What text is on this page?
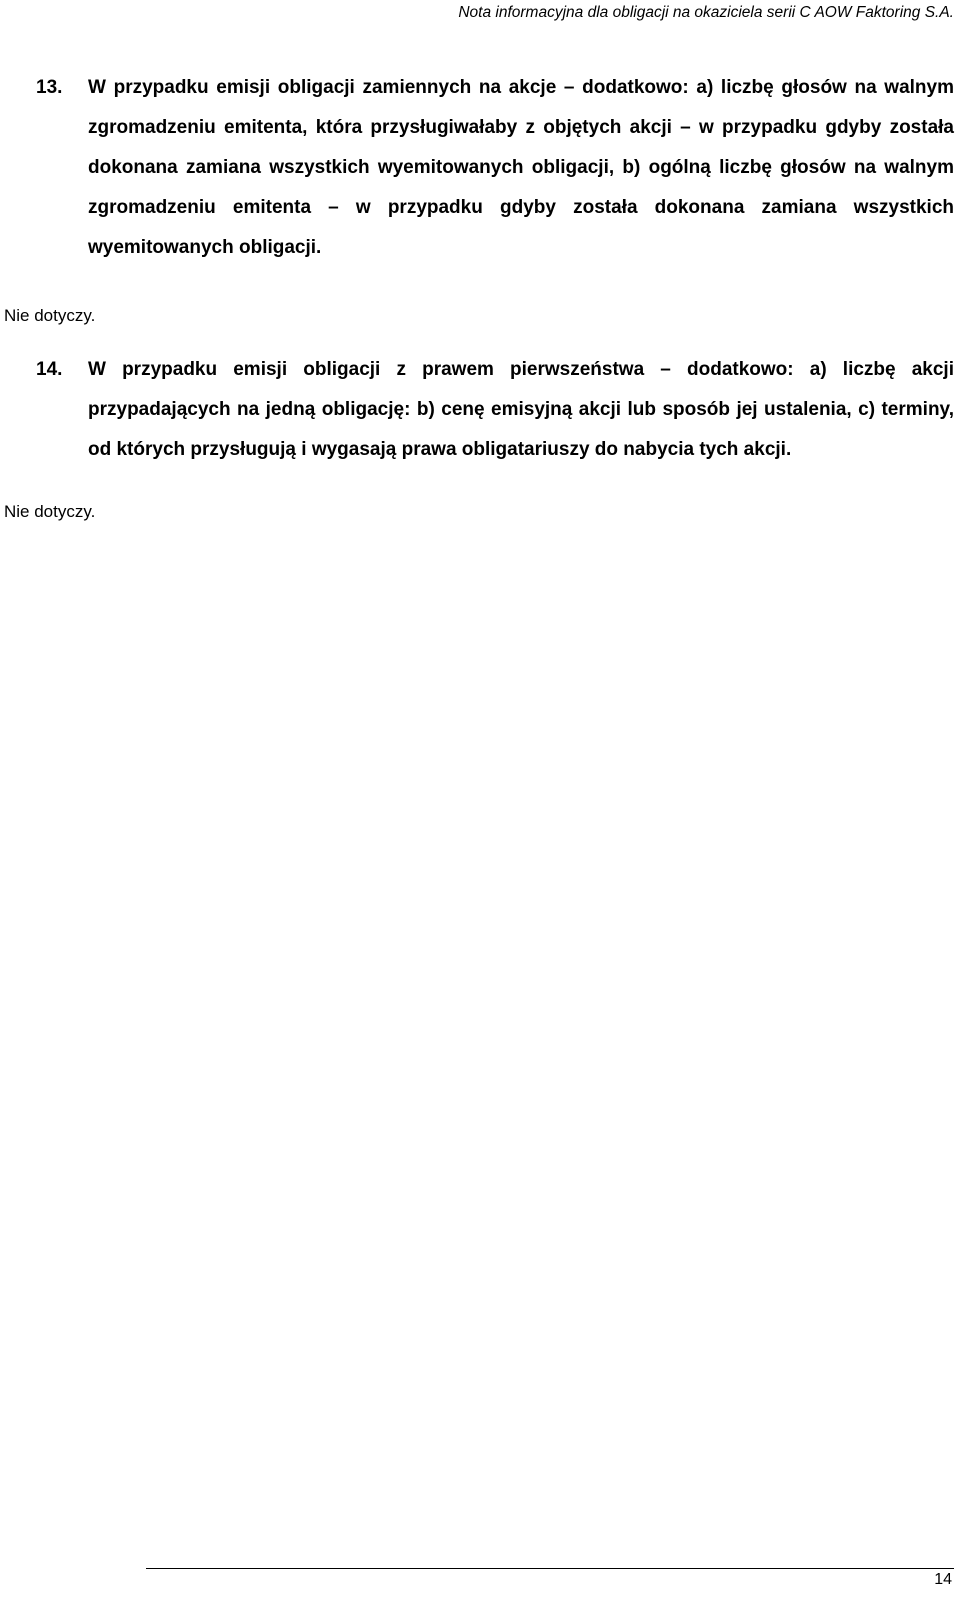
Nota informacyjna dla obligacji na okaziciela serii C AOW Faktoring S.A.
13. W przypadku emisji obligacji zamiennych na akcje – dodatkowo: a) liczbę głosów na walnym zgromadzeniu emitenta, która przysługiwałaby z objętych akcji – w przypadku gdyby została dokonana zamiana wszystkich wyemitowanych obligacji, b) ogólną liczbę głosów na walnym zgromadzeniu emitenta – w przypadku gdyby została dokonana zamiana wszystkich wyemitowanych obligacji.
Nie dotyczy.
14. W przypadku emisji obligacji z prawem pierwszeństwa – dodatkowo: a) liczbę akcji przypadających na jedną obligację: b) cenę emisyjną akcji lub sposób jej ustalenia, c) terminy, od których przysługują i wygasają prawa obligatariuszy do nabycia tych akcji.
Nie dotyczy.
14
